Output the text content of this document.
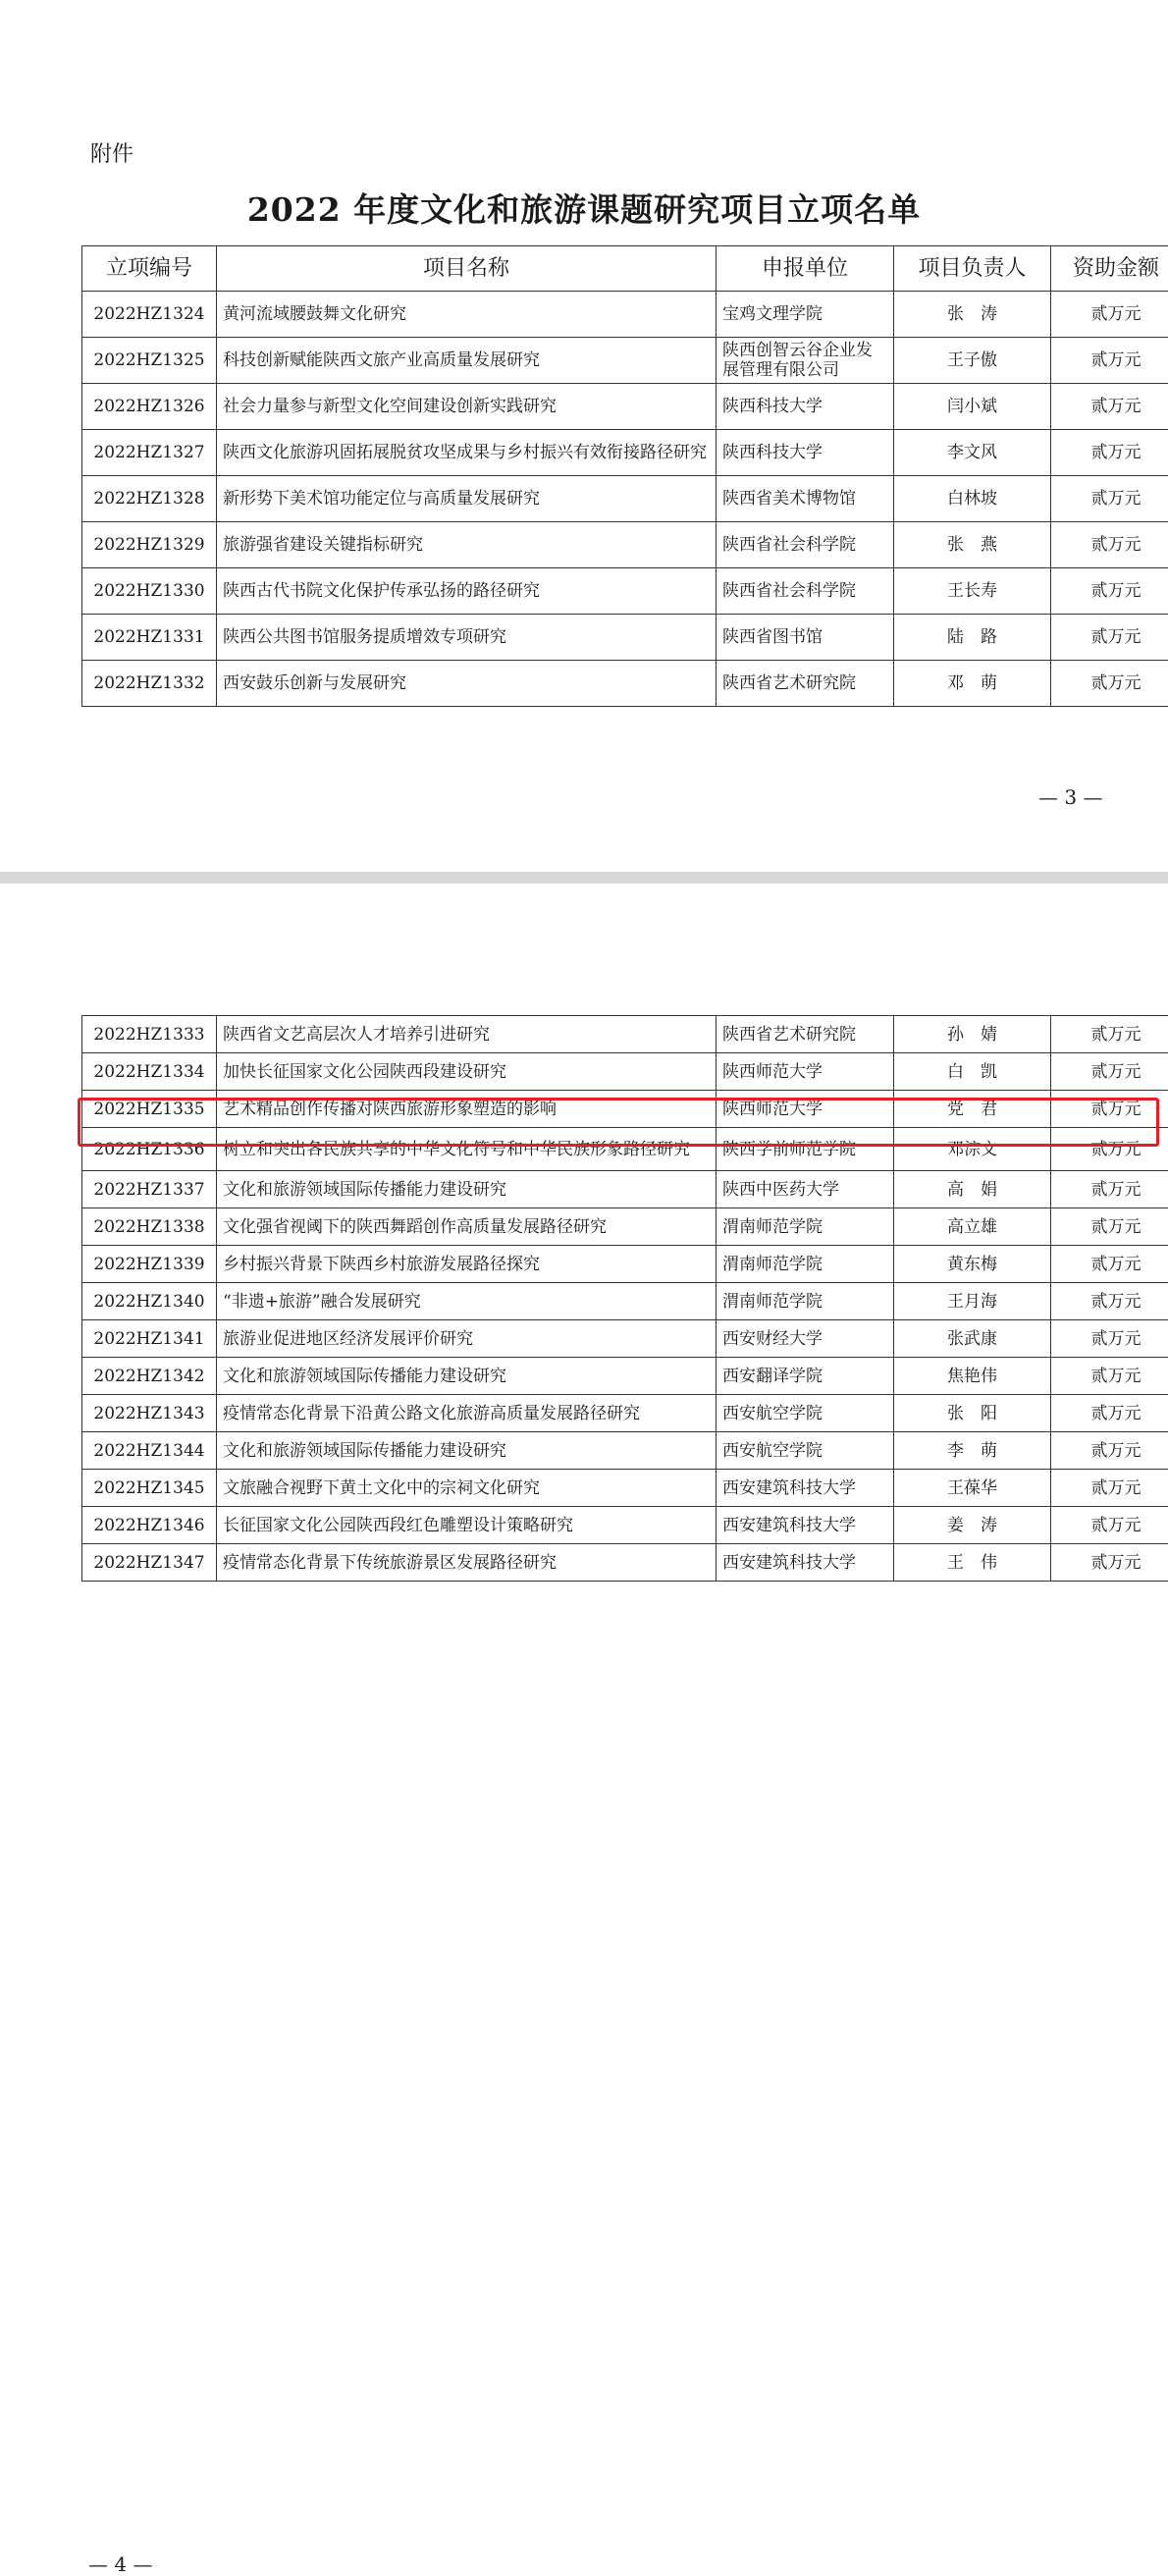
附件
2022 年度文化和旅游课题研究项目立项名单
立项编号	项目名称	申报单位	项目负责人	资助金额
2022HZ1324	黄河流域腰鼓舞文化研究	宝鸡文理学院	张　涛	贰万元
2022HZ1325	科技创新赋能陕西文旅产业高质量发展研究	陕西创智云谷企业发展管理有限公司	王子傲	贰万元
2022HZ1326	社会力量参与新型文化空间建设创新实践研究	陕西科技大学	闫小斌	贰万元
2022HZ1327	陕西文化旅游巩固拓展脱贫攻坚成果与乡村振兴有效衔接路径研究	陕西科技大学	李文风	贰万元
2022HZ1328	新形势下美术馆功能定位与高质量发展研究	陕西省美术博物馆	白林坡	贰万元
2022HZ1329	旅游强省建设关键指标研究	陕西省社会科学院	张　燕	贰万元
2022HZ1330	陕西古代书院文化保护传承弘扬的路径研究	陕西省社会科学院	王长寿	贰万元
2022HZ1331	陕西公共图书馆服务提质增效专项研究	陕西省图书馆	陆　路	贰万元
2022HZ1332	西安鼓乐创新与发展研究	陕西省艺术研究院	邓　萌	贰万元
— 3 —
— 4 —
2022HZ1333	陕西省文艺高层次人才培养引进研究	陕西省艺术研究院	孙　婧	贰万元
2022HZ1334	加快长征国家文化公园陕西段建设研究	陕西师范大学	白　凯	贰万元
2022HZ1335	艺术精品创作传播对陕西旅游形象塑造的影响	陕西师范大学	党　君	贰万元
2022HZ1336	树立和突出各民族共享的中华文化符号和中华民族形象路径研究	陕西学前师范学院	邓淙文	贰万元
2022HZ1337	文化和旅游领域国际传播能力建设研究	陕西中医药大学	高　娟	贰万元
2022HZ1338	文化强省视阈下的陕西舞蹈创作高质量发展路径研究	渭南师范学院	高立雄	贰万元
2022HZ1339	乡村振兴背景下陕西乡村旅游发展路径探究	渭南师范学院	黄东梅	贰万元
2022HZ1340	“非遗+旅游”融合发展研究	渭南师范学院	王月海	贰万元
2022HZ1341	旅游业促进地区经济发展评价研究	西安财经大学	张武康	贰万元
2022HZ1342	文化和旅游领域国际传播能力建设研究	西安翻译学院	焦艳伟	贰万元
2022HZ1343	疫情常态化背景下沿黄公路文化旅游高质量发展路径研究	西安航空学院	张　阳	贰万元
2022HZ1344	文化和旅游领域国际传播能力建设研究	西安航空学院	李　萌	贰万元
2022HZ1345	文旅融合视野下黄土文化中的宗祠文化研究	西安建筑科技大学	王葆华	贰万元
2022HZ1346	长征国家文化公园陕西段红色雕塑设计策略研究	西安建筑科技大学	姜　涛	贰万元
2022HZ1347	疫情常态化背景下传统旅游景区发展路径研究	西安建筑科技大学	王　伟	贰万元
